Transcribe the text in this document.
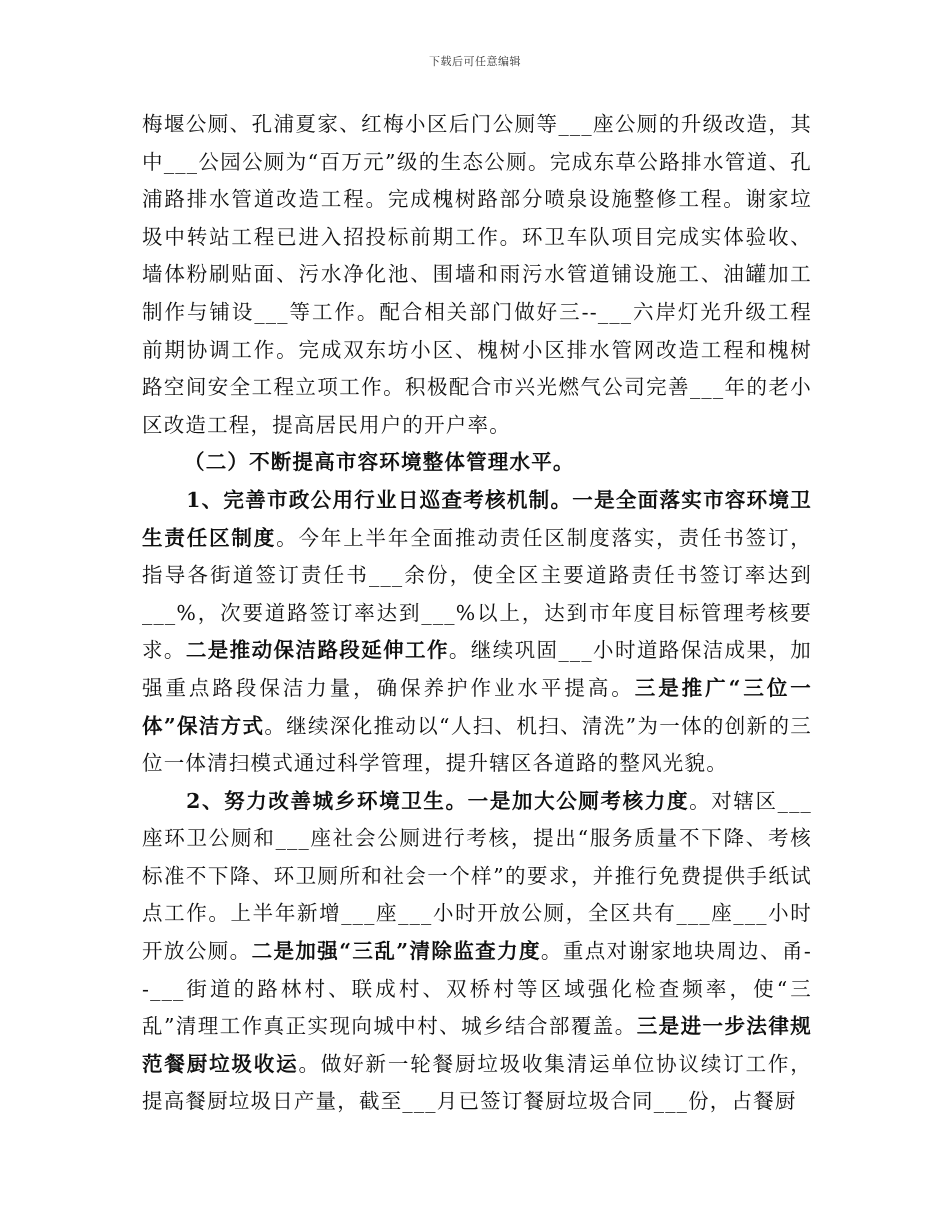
下载后可任意编辑

梅堰公厕、孔浦夏家、红梅小区后门公厕等___座公厕的升级改造，其中___公园公厕为“百万元”级的生态公厕。完成东草公路排水管道、孔浦路排水管道改造工程。完成槐树路部分喷泉设施整修工程。谢家垃圾中转站工程已进入招投标前期工作。环卫车队项目完成实体验收、墙体粉刷贴面、污水净化池、围墙和雨污水管道铺设施工、油罐加工制作与铺设___等工作。配合相关部门做好三--___六岸灯光升级工程前期协调工作。完成双东坊小区、槐树小区排水管网改造工程和槐树路空间安全工程立项工作。积极配合市兴光燃气公司完善___年的老小区改造工程，提高居民用户的开户率。

（二）不断提高市容环境整体管理水平。

1、完善市政公用行业日巡查考核机制。一是全面落实市容环境卫生责任区制度。今年上半年全面推动责任区制度落实，责任书签订，指导各街道签订责任书___余份，使全区主要道路责任书签订率达到___%，次要道路签订率达到___%以上，达到市年度目标管理考核要求。二是推动保洁路段延伸工作。继续巩固___小时道路保洁成果，加强重点路段保洁力量，确保养护作业水平提高。三是推广“三位一体”保洁方式。继续深化推动以“人扫、机扫、清洗”为一体的创新的三位一体清扫模式通过科学管理，提升辖区各道路的整风光貌。

2、努力改善城乡环境卫生。一是加大公厕考核力度。对辖区___座环卫公厕和___座社会公厕进行考核，提出“服务质量不下降、考核标准不下降、环卫厕所和社会一个样”的要求，并推行免费提供手纸试点工作。上半年新增___座___小时开放公厕，全区共有___座___小时开放公厕。二是加强“三乱”清除监查力度。重点对谢家地块周边、甬--___街道的路林村、联成村、双桥村等区域强化检查频率，使“三乱”清理工作真正实现向城中村、城乡结合部覆盖。三是进一步法律规范餐厨垃圾收运。做好新一轮餐厨垃圾收集清运单位协议续订工作，提高餐厨垃圾日产量，截至___月已签订餐厨垃圾合同___份，占餐厨
